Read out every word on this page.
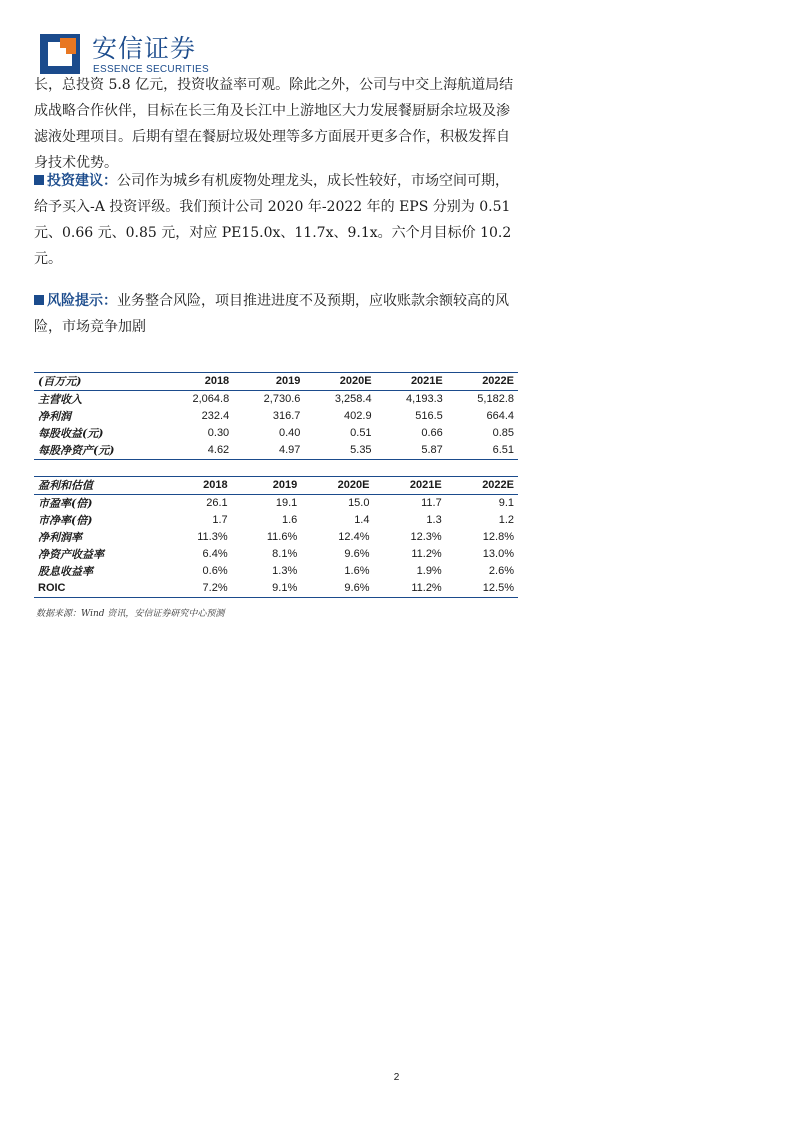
安信证券
ESSENCE SECURITIES
长，总投资 5.8 亿元，投资收益率可观。除此之外，公司与中交上海航道局结成战略合作伙伴，目标在长三角及长江中上游地区大力发展餐厨厨余垃圾及渗滤液处理项目。后期有望在餐厨垃圾处理等多方面展开更多合作，积极发挥自身技术优势。
投资建议：公司作为城乡有机废物处理龙头，成长性较好，市场空间可期，给予买入-A 投资评级。我们预计公司 2020 年-2022 年的 EPS 分别为 0.51 元、0.66 元、0.85 元，对应 PE15.0x、11.7x、9.1x。六个月目标价 10.2 元。
风险提示：业务整合风险，项目推进进度不及预期，应收账款余额较高的风险，市场竞争加剧
(百万元)	2018	2019	2020E	2021E	2022E
主营收入	2,064.8	2,730.6	3,258.4	4,193.3	5,182.8
净利润	232.4	316.7	402.9	516.5	664.4
每股收益(元)	0.30	0.40	0.51	0.66	0.85
每股净资产(元)	4.62	4.97	5.35	5.87	6.51
盈利和估值	2018	2019	2020E	2021E	2022E
市盈率(倍)	26.1	19.1	15.0	11.7	9.1
市净率(倍)	1.7	1.6	1.4	1.3	1.2
净利润率	11.3%	11.6%	12.4%	12.3%	12.8%
净资产收益率	6.4%	8.1%	9.6%	11.2%	13.0%
股息收益率	0.6%	1.3%	1.6%	1.9%	2.6%
ROIC	7.2%	9.1%	9.6%	11.2%	12.5%
数据来源：Wind 资讯，安信证券研究中心预测
2
